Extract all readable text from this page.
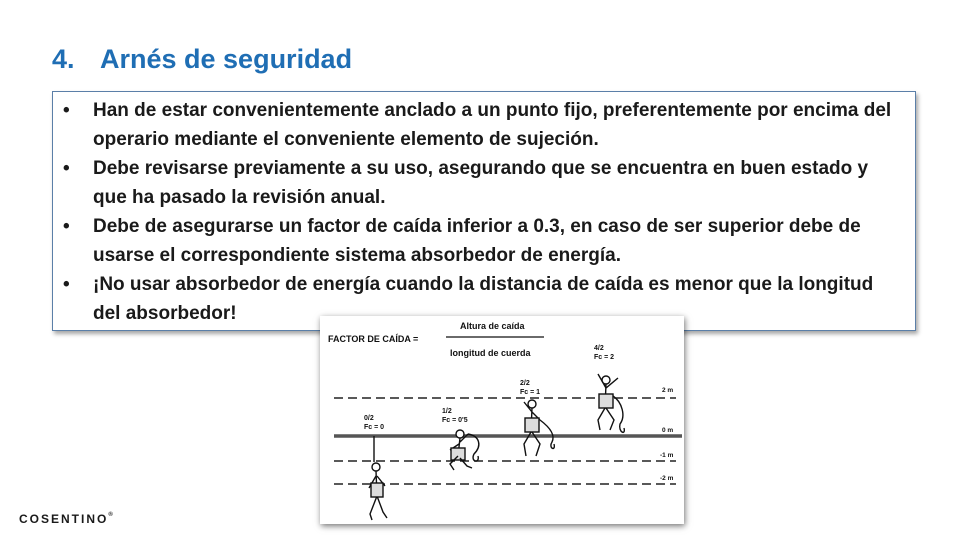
4. Arnés de seguridad
• Han de estar convenientemente anclado a un punto fijo, preferentemente por encima del operario mediante el conveniente elemento de sujeción.
• Debe revisarse previamente a su uso, asegurando que se encuentra en buen estado y que ha pasado la revisión anual.
• Debe de asegurarse un factor de caída inferior a 0.3, en caso de ser superior debe de usarse el correspondiente sistema absorbedor de energía.
• ¡No usar absorbedor de energía cuando la distancia de caída es menor que la longitud del absorbedor!
FACTOR DE CAÍDA =
Altura de caída
longitud de cuerda
2 m
0 m
-1 m
-2 m
0/2
Fc = 0
1/2
Fc = 0'5
2/2
Fc = 1
4/2
Fc = 2
COSENTINO®
